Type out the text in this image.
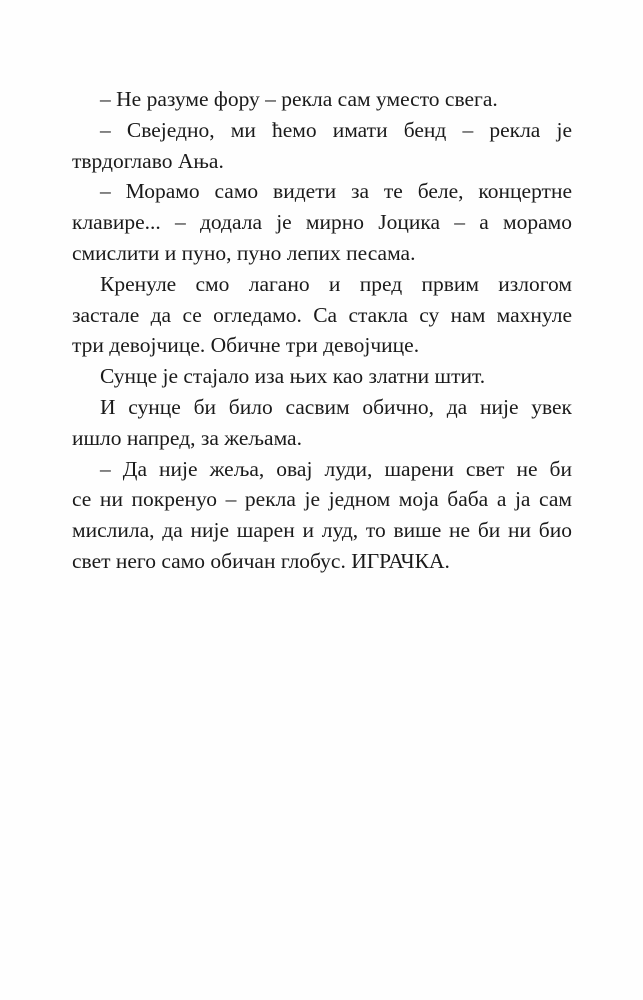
– Не разуме фору – рекла сам уместо свега.
– Свеједно, ми ћемо имати бенд – рекла је
тврдоглаво Ања.
– Морамо само видети за те беле, концертне
клавире... – додала је мирно Јоцика – а морамо
смислити и пуно, пуно лепих песама.
Кренуле смо лагано и пред првим излогом
застале да се огледамо. Са стакла су нам махнуле
три девојчице. Обичне три девојчице.
Сунце је стајало иза њих као златни штит.
И сунце би било сасвим обично, да није увек
ишло напред, за жељама.
– Да није жеља, овај луди, шарени свет не би
се ни покренуо – рекла је једном моја баба а ја сам
мислила, да није шарен и луд, то више не би ни био
свет него само обичан глобус. ИГРАЧКА.
